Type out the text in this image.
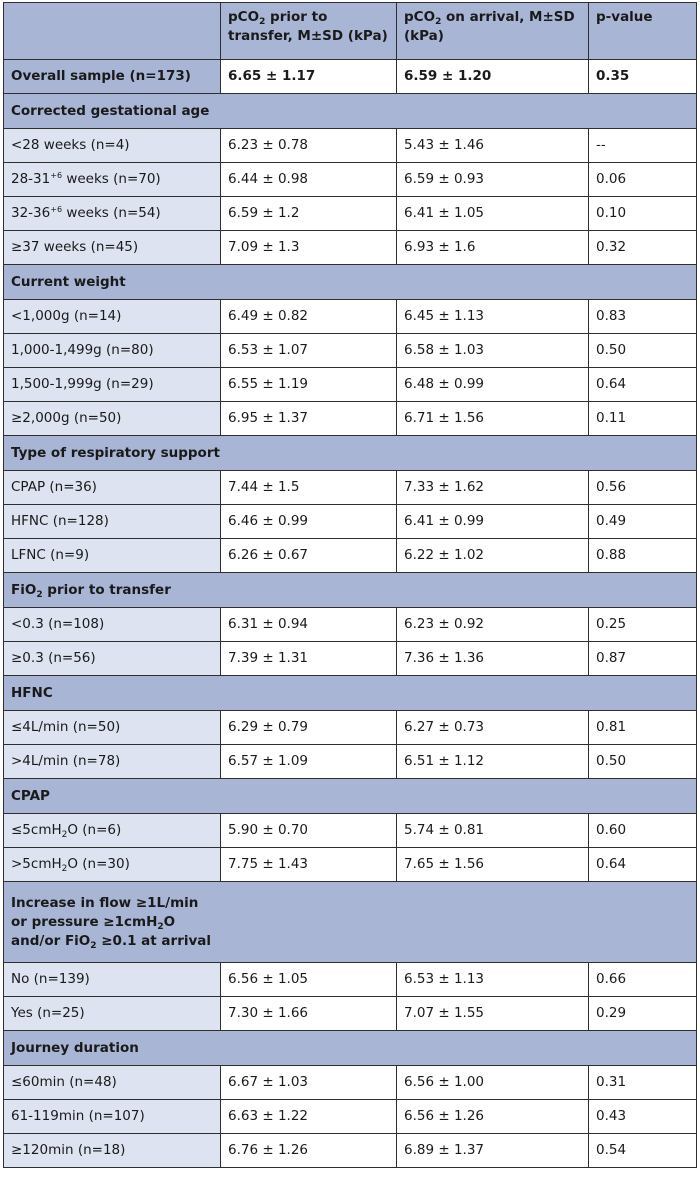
	pCO$_2$ prior to transfer, M±SD (kPa)	pCO$_2$ on arrival, M±SD (kPa)	p-value
Overall sample (n=173)	6.65 ± 1.17	6.59 ± 1.20	0.35
Corrected gestational age			
<28 weeks (n=4)	6.23 ± 0.78	5.43 ± 1.46	--
$28-31^{+6}$ weeks (n=70)	6.44 ± 0.98	6.59 ± 0.93	0.06
$32-36^{+6}$ weeks (n=54)	6.59 ± 1.2	6.41 ± 1.05	0.10
≥37 weeks (n=45)	7.09 ± 1.3	6.93 ± 1.6	0.32
Current weight			
<1,000g (n=14)	6.49 ± 0.82	6.45 ± 1.13	0.83
1,000-1,499g (n=80)	6.53 ± 1.07	6.58 ± 1.03	0.50
1,500-1,999g (n=29)	6.55 ± 1.19	6.48 ± 0.99	0.64
≥2,000g (n=50)	6.95 ± 1.37	6.71 ± 1.56	0.11
Type of respiratory support			
CPAP (n=36)	7.44 ± 1.5	7.33 ± 1.62	0.56
HFNC (n=128)	6.46 ± 0.99	6.41 ± 0.99	0.49
LFNC (n=9)	6.26 ± 0.67	6.22 ± 1.02	0.88
FiO$_2$ prior to transfer			
<0.3 (n=108)	6.31 ± 0.94	6.23 ± 0.92	0.25
≥0.3 (n=56)	7.39 ± 1.31	7.36 ± 1.36	0.87
HFNC			
≤4L/min (n=50)	6.29 ± 0.79	6.27 ± 0.73	0.81
>4L/min (n=78)	6.57 ± 1.09	6.51 ± 1.12	0.50
CPAP			
≤5cmH$_2$O (n=6)	5.90 ± 0.70	5.74 ± 0.81	0.60
>5cmH$_2$O (n=30)	7.75 ± 1.43	7.65 ± 1.56	0.64
Increase in flow ≥1L/min
or pressure ≥1cmH$_2$O
and/or FiO$_2$ ≥0.1 at arrival			
No (n=139)	6.56 ± 1.05	6.53 ± 1.13	0.66
Yes (n=25)	7.30 ± 1.66	7.07 ± 1.55	0.29
Journey duration			
≤60min (n=48)	6.67 ± 1.03	6.56 ± 1.00	0.31
61-119min (n=107)	6.63 ± 1.22	6.56 ± 1.26	0.43
≥120min (n=18)	6.76 ± 1.26	6.89 ± 1.37	0.54
